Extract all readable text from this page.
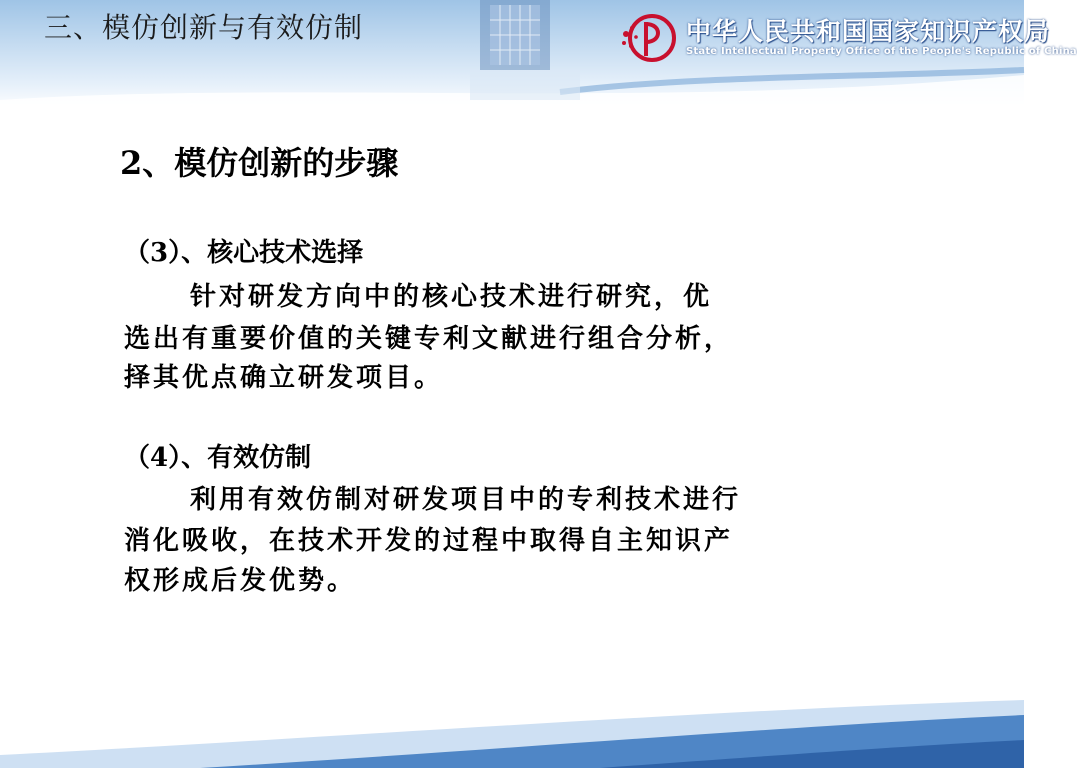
三、模仿创新与有效仿制	中华人民共和国国家知识产权局
State Intellectual Property Office of the People's Republic of China
2、模仿创新的步骤

（3）、核心技术选择

针对研发方向中的核心技术进行研究，优

选出有重要价值的关键专利文献进行组合分析，

择其优点确立研发项目。

（4）、有效仿制

利用有效仿制对研发项目中的专利技术进行

消化吸收，在技术开发的过程中取得自主知识产

权形成后发优势。
